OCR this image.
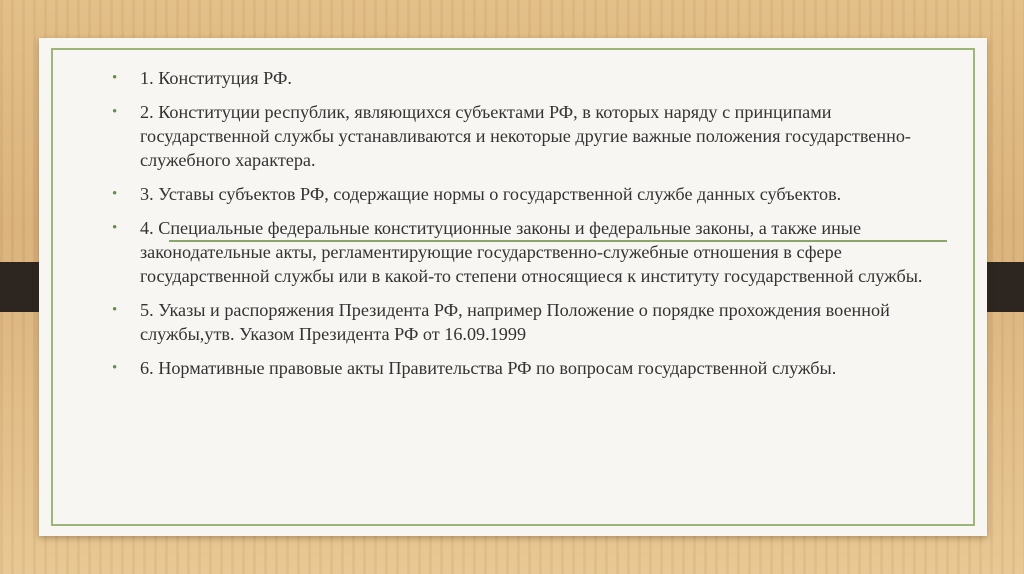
• 1. Конституция РФ.
• 2. Конституции республик, являющихся субъектами РФ, в которых наряду с принципами государственной службы устанавливаются и некоторые другие важные положения государственно-служебного характера.
• 3. Уставы субъектов РФ, содержащие нормы о государственной службе данных субъектов.
• 4. Специальные федеральные конституционные законы и федеральные законы, а также иные законодательные акты, регламентирующие государственно-служебные отношения в сфере государственной службы или в какой-то степени относящиеся к институту государственной службы.
• 5. Указы и распоряжения Президента РФ, например Положение о порядке прохождения военной службы,утв. Указом Президента РФ от 16.09.1999
• 6. Нормативные правовые акты Правительства РФ по вопросам государственной службы.
